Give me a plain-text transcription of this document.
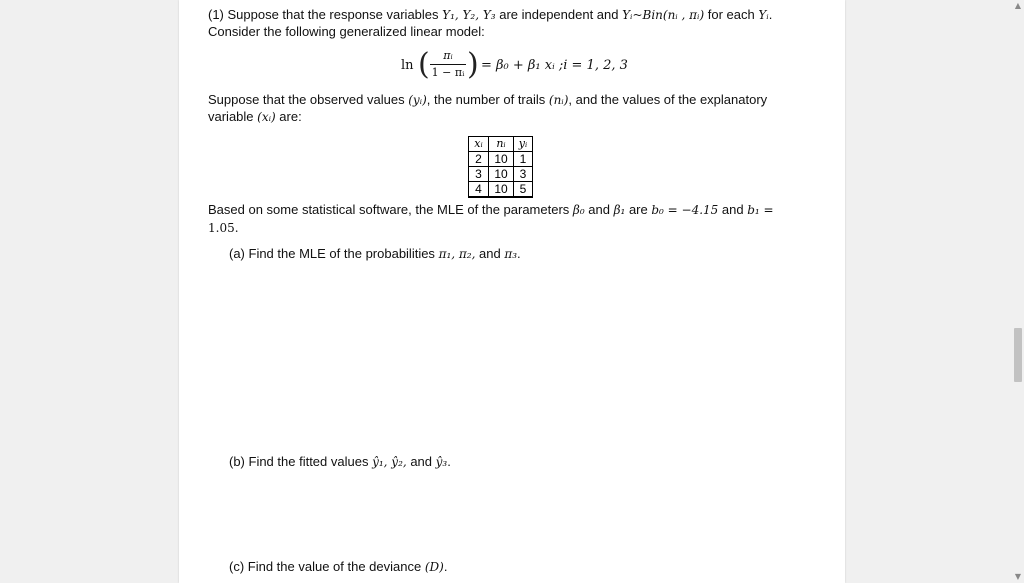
(1) Suppose that the response variables Y₁, Y₂, Y₃ are independent and Yᵢ~Bin(nᵢ , πᵢ) for each Yᵢ.
Consider the following generalized linear model:
ln (	πᵢ
1 − πᵢ ) = β₀ + β₁ xᵢ ;i = 1, 2, 3
Suppose that the observed values (yᵢ), the number of trails (nᵢ), and the values of the explanatory
variable (xᵢ) are:
xᵢ	nᵢ	yᵢ
2	10	1
3	10	3
4	10	5
Based on some statistical software, the MLE of the parameters β₀ and β₁ are b₀ = −4.15 and b₁ =
1.05.
(a) Find the MLE of the probabilities π₁, π₂, and π₃.
(b) Find the fitted values ŷ₁, ŷ₂, and ŷ₃.
(c) Find the value of the deviance (D).
▲
▼
